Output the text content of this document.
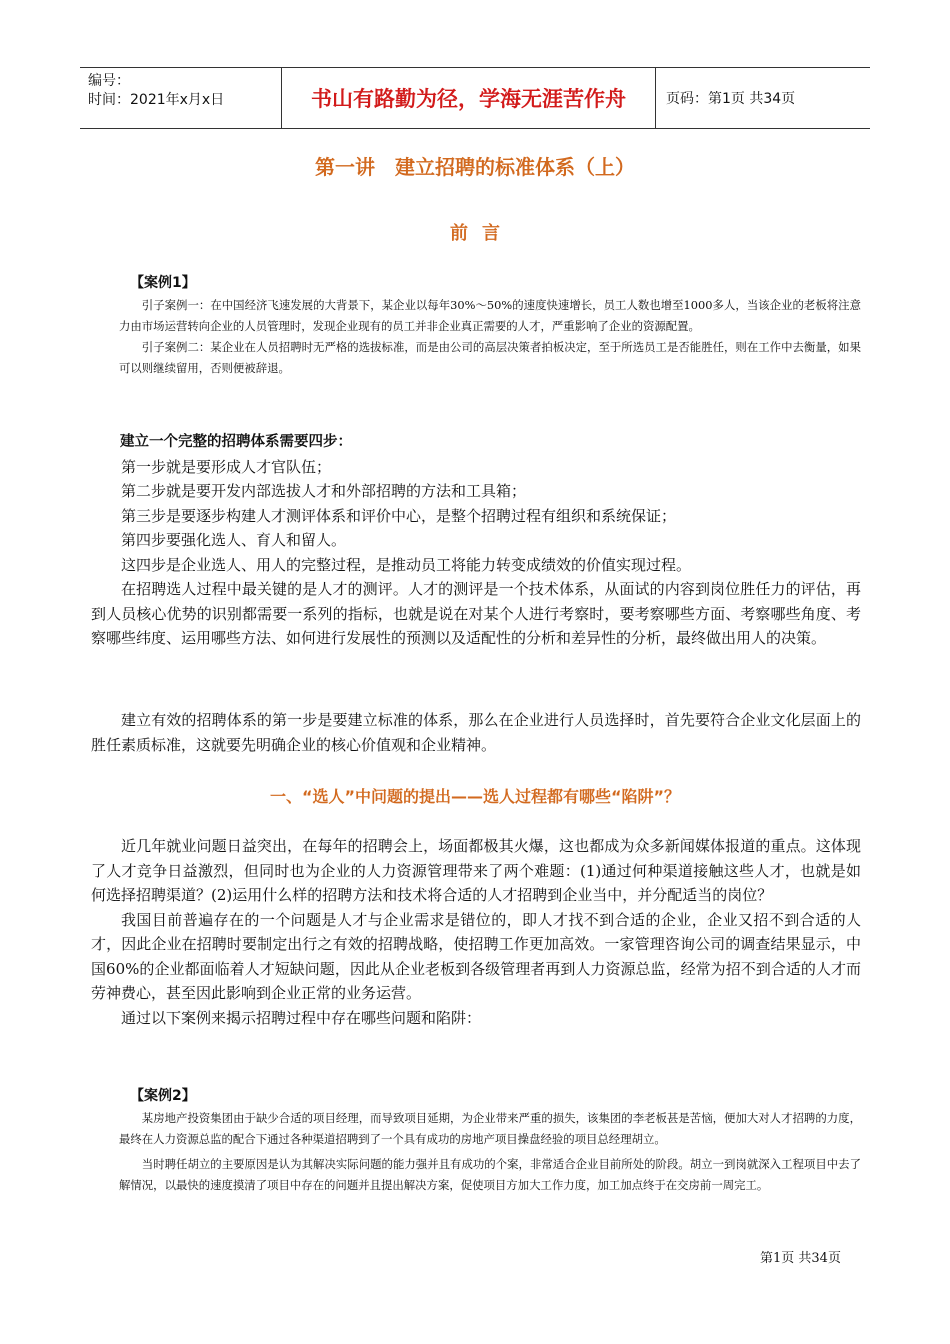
编号：
时间：2021年x月x日	书山有路勤为径，学海无涯苦作舟	页码：第1页 共34页
第一讲　建立招聘的标准体系（上）
前言
【案例1】

引子案例一：在中国经济飞速发展的大背景下，某企业以每年30%～50%的速度快速增长，员工人数也增至1000多人，当该企业的老板将注意力由市场运营转向企业的人员管理时，发现企业现有的员工并非企业真正需要的人才，严重影响了企业的资源配置。

引子案例二：某企业在人员招聘时无严格的选拔标准，而是由公司的高层决策者拍板决定，至于所选员工是否能胜任，则在工作中去衡量，如果可以则继续留用，否则便被辞退。

建立一个完整的招聘体系需要四步：

第一步就是要形成人才官队伍；

第二步就是要开发内部选拔人才和外部招聘的方法和工具箱；

第三步是要逐步构建人才测评体系和评价中心，是整个招聘过程有组织和系统保证；

第四步要强化选人、育人和留人。

这四步是企业选人、用人的完整过程，是推动员工将能力转变成绩效的价值实现过程。

在招聘选人过程中最关键的是人才的测评。人才的测评是一个技术体系，从面试的内容到岗位胜任力的评估，再到人员核心优势的识别都需要一系列的指标，也就是说在对某个人进行考察时，要考察哪些方面、考察哪些角度、考察哪些纬度、运用哪些方法、如何进行发展性的预测以及适配性的分析和差异性的分析，最终做出用人的决策。

建立有效的招聘体系的第一步是要建立标准的体系，那么在企业进行人员选择时，首先要符合企业文化层面上的胜任素质标准，这就要先明确企业的核心价值观和企业精神。

一、“选人”中问题的提出——选人过程都有哪些“陷阱”？

近几年就业问题日益突出，在每年的招聘会上，场面都极其火爆，这也都成为众多新闻媒体报道的重点。这体现了人才竞争日益激烈，但同时也为企业的人力资源管理带来了两个难题：(1)通过何种渠道接触这些人才，也就是如何选择招聘渠道？(2)运用什么样的招聘方法和技术将合适的人才招聘到企业当中，并分配适当的岗位？

我国目前普遍存在的一个问题是人才与企业需求是错位的，即人才找不到合适的企业，企业又招不到合适的人才，因此企业在招聘时要制定出行之有效的招聘战略，使招聘工作更加高效。一家管理咨询公司的调查结果显示，中国60%的企业都面临着人才短缺问题，因此从企业老板到各级管理者再到人力资源总监，经常为招不到合适的人才而劳神费心，甚至因此影响到企业正常的业务运营。

通过以下案例来揭示招聘过程中存在哪些问题和陷阱：

【案例2】

某房地产投资集团由于缺少合适的项目经理，而导致项目延期，为企业带来严重的损失，该集团的李老板甚是苦恼，便加大对人才招聘的力度，最终在人力资源总监的配合下通过各种渠道招聘到了一个具有成功的房地产项目操盘经验的项目总经理胡立。

当时聘任胡立的主要原因是认为其解决实际问题的能力强并且有成功的个案，非常适合企业目前所处的阶段。胡立一到岗就深入工程项目中去了解情况，以最快的速度摸清了项目中存在的问题并且提出解决方案，促使项目方加大工作力度，加工加点终于在交房前一周完工。

第1页 共34页
